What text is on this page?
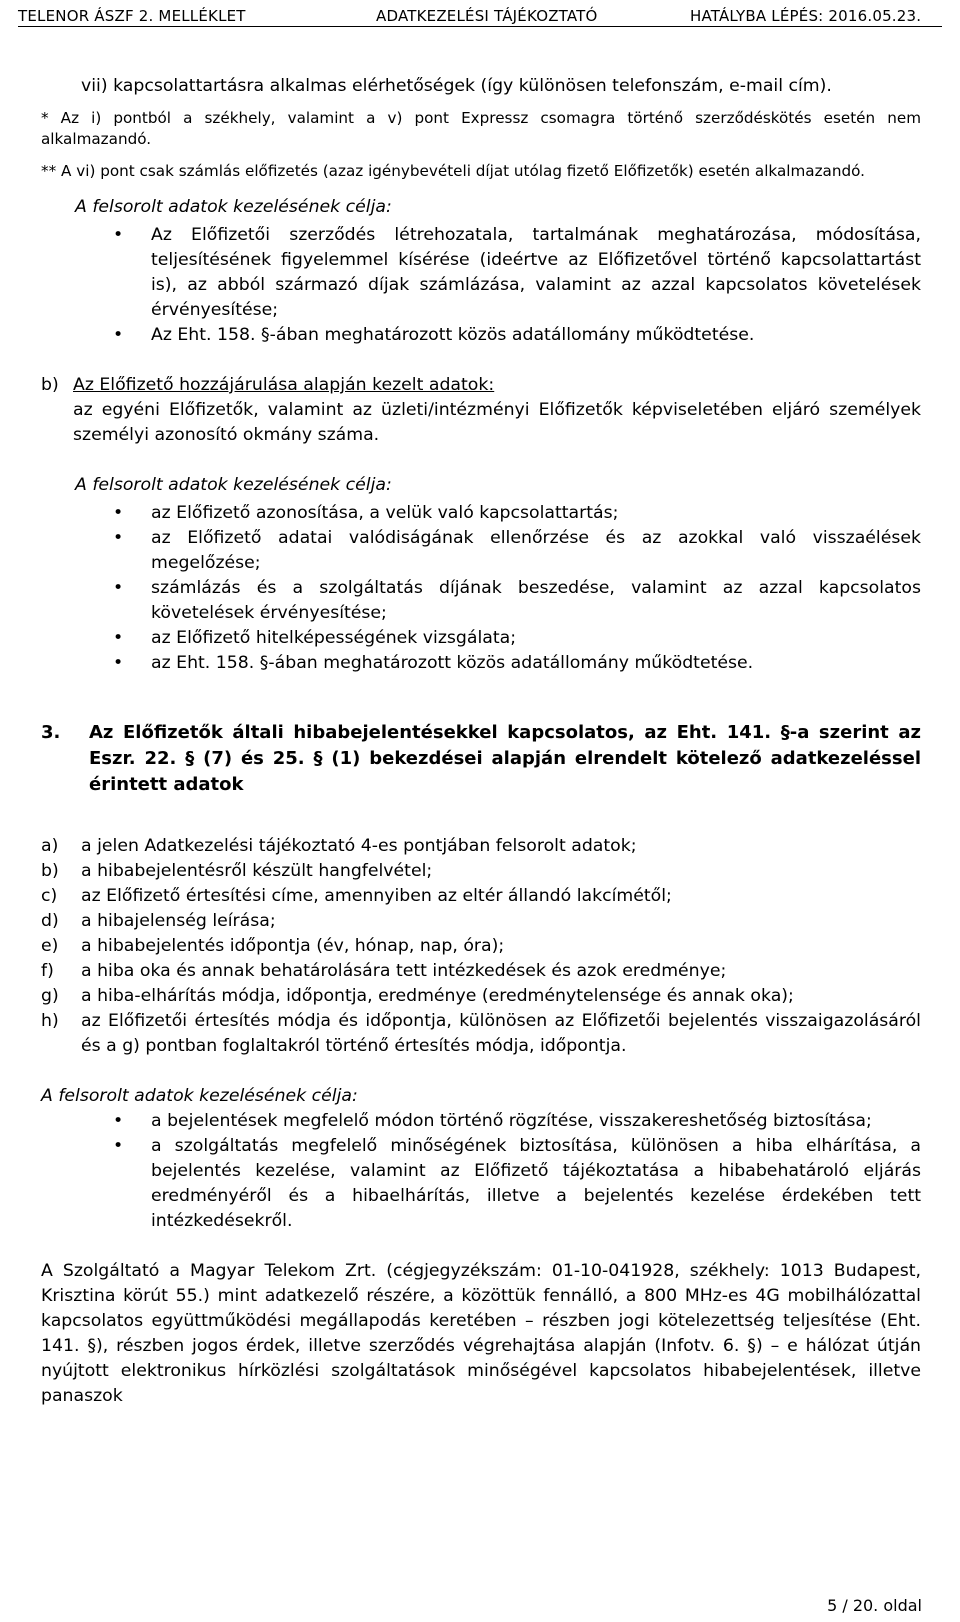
TELENOR ÁSZF 2. MELLÉKLET	ADATKEZELÉSI TÁJÉKOZTATÓ	HATÁLYBA LÉPÉS: 2016.05.23.

vii) kapcsolattartásra alkalmas elérhetőségek (így különösen telefonszám, e-mail cím).

* Az i) pontból a székhely, valamint a v) pont Expressz csomagra történő szerződéskötés esetén nem alkalmazandó.

** A vi) pont csak számlás előfizetés (azaz igénybevételi díjat utólag fizető Előfizetők) esetén alkalmazandó.

A felsorolt adatok kezelésének célja:

• Az Előfizetői szerződés létrehozatala, tartalmának meghatározása, módosítása, teljesítésének figyelemmel kísérése (ideértve az Előfizetővel történő kapcsolattartást is), az abból származó díjak számlázása, valamint az azzal kapcsolatos követelések érvényesítése;
• Az Eht. 158. §-ában meghatározott közös adatállomány működtetése.
b) Az Előfizető hozzájárulása alapján kezelt adatok:

az egyéni Előfizetők, valamint az üzleti/intézményi Előfizetők képviseletében eljáró személyek személyi azonosító okmány száma.

A felsorolt adatok kezelésének célja:

• az Előfizető azonosítása, a velük való kapcsolattartás;
• az Előfizető adatai valódiságának ellenőrzése és az azokkal való visszaélések megelőzése;
• számlázás és a szolgáltatás díjának beszedése, valamint az azzal kapcsolatos követelések érvényesítése;
• az Előfizető hitelképességének vizsgálata;
• az Eht. 158. §-ában meghatározott közös adatállomány működtetése.
3. Az Előfizetők általi hibabejelentésekkel kapcsolatos, az Eht. 141. §-a szerint az Eszr. 22. § (7) és 25. § (1) bekezdései alapján elrendelt kötelező adatkezeléssel érintett adatok
a) a jelen Adatkezelési tájékoztató 4-es pontjában felsorolt adatok;
b) a hibabejelentésről készült hangfelvétel;
c) az Előfizető értesítési címe, amennyiben az eltér állandó lakcímétől;
d) a hibajelenség leírása;
e) a hibabejelentés időpontja (év, hónap, nap, óra);
f) a hiba oka és annak behatárolására tett intézkedések és azok eredménye;
g) a hiba-elhárítás módja, időpontja, eredménye (eredménytelensége és annak oka);
h) az Előfizetői értesítés módja és időpontja, különösen az Előfizetői bejelentés visszaigazolásáról és a g) pontban foglaltakról történő értesítés módja, időpontja.

A felsorolt adatok kezelésének célja:

• a bejelentések megfelelő módon történő rögzítése, visszakereshetőség biztosítása;
• a szolgáltatás megfelelő minőségének biztosítása, különösen a hiba elhárítása, a bejelentés kezelése, valamint az Előfizető tájékoztatása a hibabehatároló eljárás eredményéről és a hibaelhárítás, illetve a bejelentés kezelése érdekében tett intézkedésekről.

A Szolgáltató a Magyar Telekom Zrt. (cégjegyzékszám: 01-10-041928, székhely: 1013 Budapest, Krisztina körút 55.) mint adatkezelő részére, a közöttük fennálló, a 800 MHz-es 4G mobilhálózattal kapcsolatos együttműködési megállapodás keretében – részben jogi kötelezettség teljesítése (Eht. 141. §), részben jogos érdek, illetve szerződés végrehajtása alapján (Infotv. 6. §) – e hálózat útján nyújtott elektronikus hírközlési szolgáltatások minőségével kapcsolatos hibabejelentések, illetve panaszok

5 / 20. oldal
